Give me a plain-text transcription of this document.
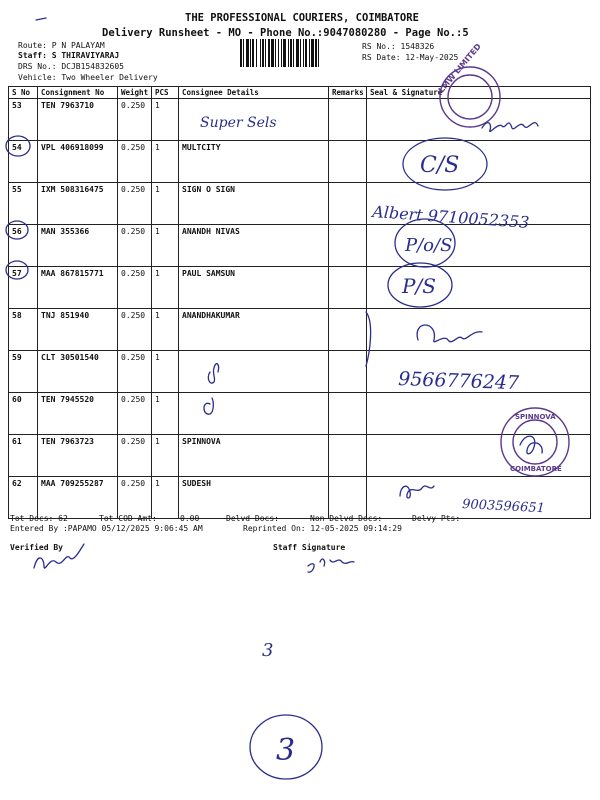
THE PROFESSIONAL COURIERS, COIMBATORE
Delivery Runsheet - MO - Phone No.:9047080280 - Page No.:5
Route: P N PALAYAM
Staff: S THIRAVIYARAJ
DRS No.: DCJB154832605
Vehicle: Two Wheeler Delivery
RS No.: 1548326
RS Date: 12-May-2025
S No	Consignment No	Weight	PCS	Consignee Details	Remarks	Seal & Signature
53	TEN 7963710	0.250	1			
54	VPL 406918099	0.250	1	MULTCITY		
55	IXM 508316475	0.250	1	SIGN O SIGN		
56	MAN 355366	0.250	1	ANANDH NIVAS		
57	MAA 867815771	0.250	1	PAUL SAMSUN		
58	TNJ 851940	0.250	1	ANANDHAKUMAR		
59	CLT 30501540	0.250	1			
60	TEN 7945520	0.250	1			
61	TEN 7963723	0.250	1	SPINNOVA		
62	MAA 709255287	0.250	1	SUDESH		
Tot Docs: 62	Tot COD Amt:	0.00	Delvd Docs:	Non Delvd Docs:	Delvy Pts:
Entered By :PAPAMO 05/12/2025 9:06:45 AM	Reprinted On: 12-05-2025 09:14:29
Verified By	Staff Signature
LMW LIMITED
Super Sels
C/S
Albert 9710052353
P/o/S
P/S
9566776247
SPINNOVA
COIMBATORE
9003596651
3
3
